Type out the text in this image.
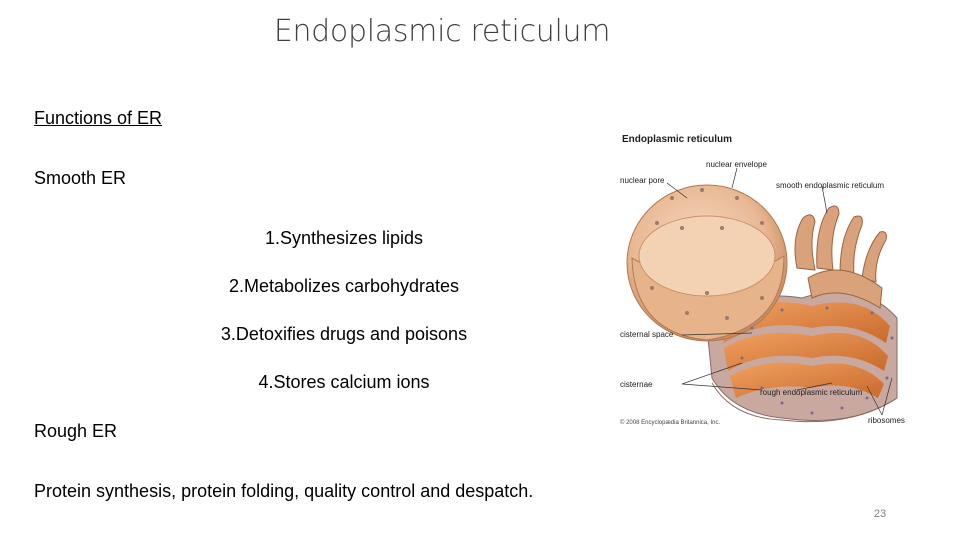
Endoplasmic reticulum
Functions of ER
Smooth ER
1.Synthesizes lipids
2.Metabolizes carbohydrates
3.Detoxifies drugs and poisons
4.Stores calcium ions
Rough ER
Protein synthesis, protein folding, quality control and despatch.
23
Endoplasmic reticulum
nuclear envelope
nuclear pore
smooth endoplasmic reticulum
cisternal space
cisternae
rough endoplasmic reticulum
ribosomes
© 2008 Encyclopædia Britannica, Inc.
